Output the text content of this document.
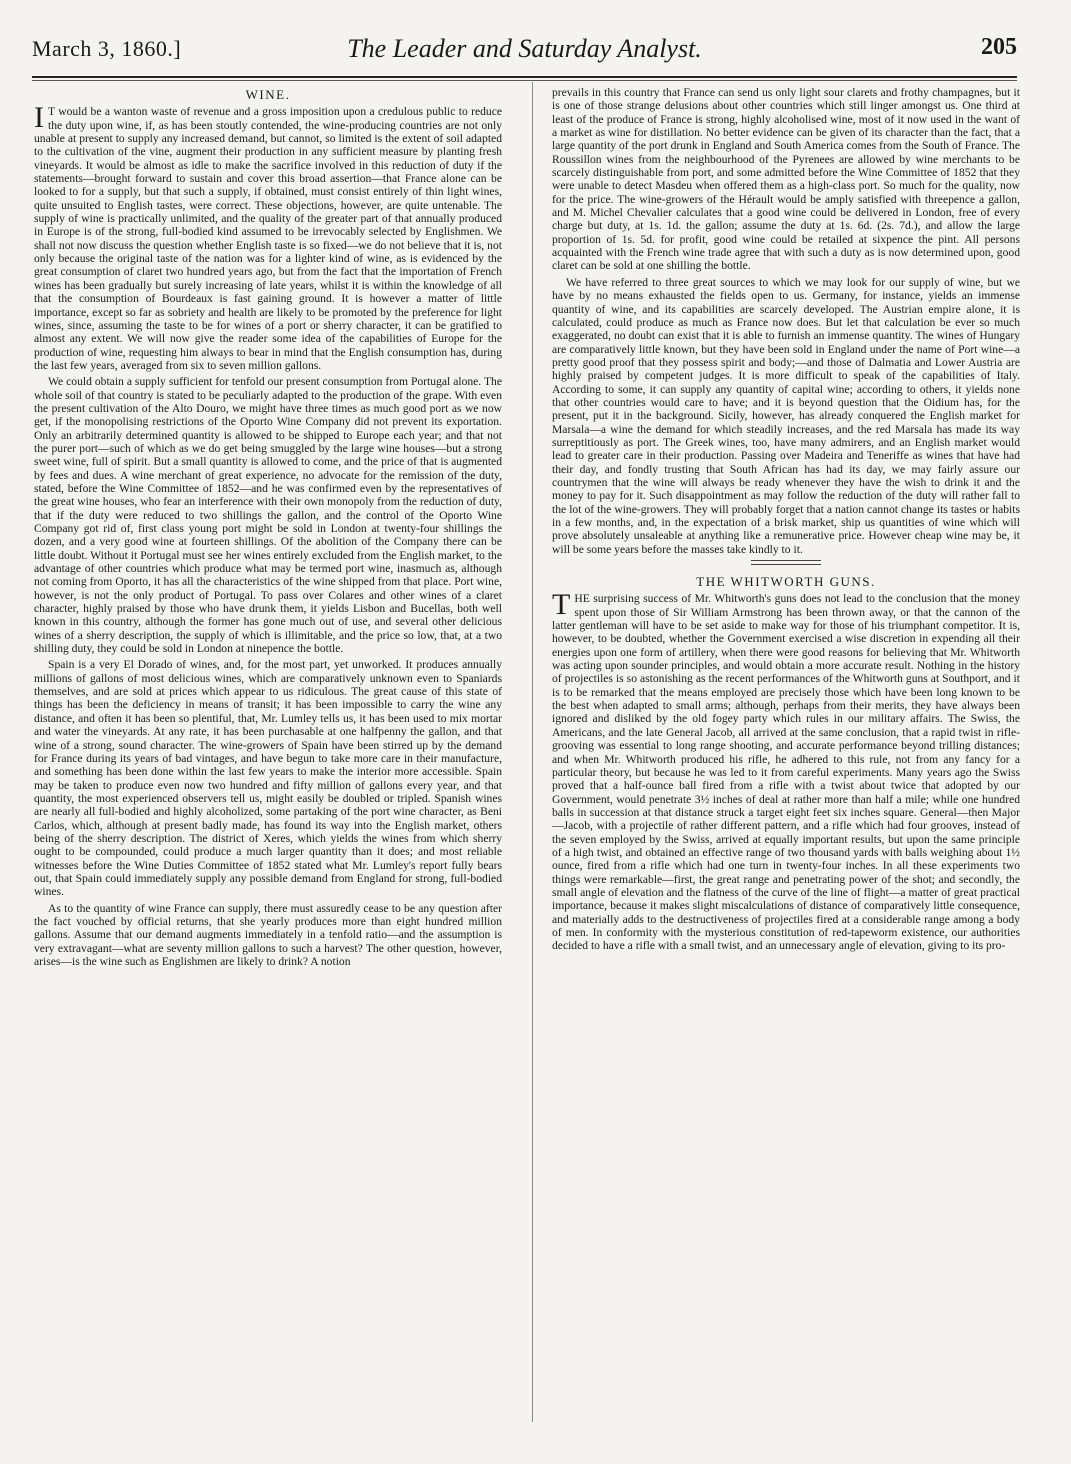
March 3, 1860.]	The Leader and Saturday Analyst.	205
WINE.

I T would be a wanton waste of revenue and a gross imposition upon a credulous public to reduce the duty upon wine, if, as has been stoutly contended, the wine-producing countries are not only unable at present to supply any increased demand, but cannot, so limited is the extent of soil adapted to the cultivation of the vine, augment their production in any sufficient measure by planting fresh vineyards. It would be almost as idle to make the sacrifice involved in this reduction of duty if the statements—brought forward to sustain and cover this broad assertion—that France alone can be looked to for a supply, but that such a supply, if obtained, must consist entirely of thin light wines, quite unsuited to English tastes, were correct. These objections, however, are quite untenable. The supply of wine is practically unlimited, and the quality of the greater part of that annually produced in Europe is of the strong, full-bodied kind assumed to be irrevocably selected by Englishmen. We shall not now discuss the question whether English taste is so fixed—we do not believe that it is, not only because the original taste of the nation was for a lighter kind of wine, as is evidenced by the great consumption of claret two hundred years ago, but from the fact that the importation of French wines has been gradually but surely increasing of late years, whilst it is within the knowledge of all that the consumption of Bourdeaux is fast gaining ground. It is however a matter of little importance, except so far as sobriety and health are likely to be promoted by the preference for light wines, since, assuming the taste to be for wines of a port or sherry character, it can be gratified to almost any extent. We will now give the reader some idea of the capabilities of Europe for the production of wine, requesting him always to bear in mind that the English consumption has, during the last few years, averaged from six to seven million gallons.

We could obtain a supply sufficient for tenfold our present consumption from Portugal alone. The whole soil of that country is stated to be peculiarly adapted to the production of the grape. With even the present cultivation of the Alto Douro, we might have three times as much good port as we now get, if the monopolising restrictions of the Oporto Wine Company did not prevent its exportation. Only an arbitrarily determined quantity is allowed to be shipped to Europe each year; and that not the purer port—such of which as we do get being smuggled by the large wine houses—but a strong sweet wine, full of spirit. But a small quantity is allowed to come, and the price of that is augmented by fees and dues. A wine merchant of great experience, no advocate for the remission of the duty, stated, before the Wine Committee of 1852—and he was confirmed even by the representatives of the great wine houses, who fear an interference with their own monopoly from the reduction of duty, that if the duty were reduced to two shillings the gallon, and the control of the Oporto Wine Company got rid of, first class young port might be sold in London at twenty-four shillings the dozen, and a very good wine at fourteen shillings. Of the abolition of the Company there can be little doubt. Without it Portugal must see her wines entirely excluded from the English market, to the advantage of other countries which produce what may be termed port wine, inasmuch as, although not coming from Oporto, it has all the characteristics of the wine shipped from that place. Port wine, however, is not the only product of Portugal. To pass over Colares and other wines of a claret character, highly praised by those who have drunk them, it yields Lisbon and Bucellas, both well known in this country, although the former has gone much out of use, and several other delicious wines of a sherry description, the supply of which is illimitable, and the price so low, that, at a two shilling duty, they could be sold in London at ninepence the bottle.

Spain is a very El Dorado of wines, and, for the most part, yet unworked. It produces annually millions of gallons of most delicious wines, which are comparatively unknown even to Spaniards themselves, and are sold at prices which appear to us ridiculous. The great cause of this state of things has been the deficiency in means of transit; it has been impossible to carry the wine any distance, and often it has been so plentiful, that, Mr. Lumley tells us, it has been used to mix mortar and water the vineyards. At any rate, it has been purchasable at one halfpenny the gallon, and that wine of a strong, sound character. The wine-growers of Spain have been stirred up by the demand for France during its years of bad vintages, and have begun to take more care in their manufacture, and something has been done within the last few years to make the interior more accessible. Spain may be taken to produce even now two hundred and fifty million of gallons every year, and that quantity, the most experienced observers tell us, might easily be doubled or tripled. Spanish wines are nearly all full-bodied and highly alcoholized, some partaking of the port wine character, as Beni Carlos, which, although at present badly made, has found its way into the English market, others being of the sherry description. The district of Xeres, which yields the wines from which sherry ought to be compounded, could produce a much larger quantity than it does; and most reliable witnesses before the Wine Duties Committee of 1852 stated what Mr. Lumley's report fully bears out, that Spain could immediately supply any possible demand from England for strong, full-bodied wines.

As to the quantity of wine France can supply, there must assuredly cease to be any question after the fact vouched by official returns, that she yearly produces more than eight hundred million gallons. Assume that our demand augments immediately in a tenfold ratio—and the assumption is very extravagant—what are seventy million gallons to such a harvest? The other question, however, arises—is the wine such as Englishmen are likely to drink? A notion

prevails in this country that France can send us only light sour clarets and frothy champagnes, but it is one of those strange delusions about other countries which still linger amongst us. One third at least of the produce of France is strong, highly alcoholised wine, most of it now used in the want of a market as wine for distillation. No better evidence can be given of its character than the fact, that a large quantity of the port drunk in England and South America comes from the South of France. The Roussillon wines from the neighbourhood of the Pyrenees are allowed by wine merchants to be scarcely distinguishable from port, and some admitted before the Wine Committee of 1852 that they were unable to detect Masdeu when offered them as a high-class port. So much for the quality, now for the price. The wine-growers of the Hérault would be amply satisfied with threepence a gallon, and M. Michel Chevalier calculates that a good wine could be delivered in London, free of every charge but duty, at 1s. 1d. the gallon; assume the duty at 1s. 6d. (2s. 7d.), and allow the large proportion of 1s. 5d. for profit, good wine could be retailed at sixpence the pint. All persons acquainted with the French wine trade agree that with such a duty as is now determined upon, good claret can be sold at one shilling the bottle.

We have referred to three great sources to which we may look for our supply of wine, but we have by no means exhausted the fields open to us. Germany, for instance, yields an immense quantity of wine, and its capabilities are scarcely developed. The Austrian empire alone, it is calculated, could produce as much as France now does. But let that calculation be ever so much exaggerated, no doubt can exist that it is able to furnish an immense quantity. The wines of Hungary are comparatively little known, but they have been sold in England under the name of Port wine—a pretty good proof that they possess spirit and body;—and those of Dalmatia and Lower Austria are highly praised by competent judges. It is more difficult to speak of the capabilities of Italy. According to some, it can supply any quantity of capital wine; according to others, it yields none that other countries would care to have; and it is beyond question that the Oidium has, for the present, put it in the background. Sicily, however, has already conquered the English market for Marsala—a wine the demand for which steadily increases, and the red Marsala has made its way surreptitiously as port. The Greek wines, too, have many admirers, and an English market would lead to greater care in their production. Passing over Madeira and Teneriffe as wines that have had their day, and fondly trusting that South African has had its day, we may fairly assure our countrymen that the wine will always be ready whenever they have the wish to drink it and the money to pay for it. Such disappointment as may follow the reduction of the duty will rather fall to the lot of the wine-growers. They will probably forget that a nation cannot change its tastes or habits in a few months, and, in the expectation of a brisk market, ship us quantities of wine which will prove absolutely unsaleable at anything like a remunerative price. However cheap wine may be, it will be some years before the masses take kindly to it.

THE WHITWORTH GUNS.

THE surprising success of Mr. Whitworth's guns does not lead to the conclusion that the money spent upon those of Sir William Armstrong has been thrown away, or that the cannon of the latter gentleman will have to be set aside to make way for those of his triumphant competitor. It is, however, to be doubted, whether the Government exercised a wise discretion in expending all their energies upon one form of artillery, when there were good reasons for believing that Mr. Whitworth was acting upon sounder principles, and would obtain a more accurate result. Nothing in the history of projectiles is so astonishing as the recent performances of the Whitworth guns at Southport, and it is to be remarked that the means employed are precisely those which have been long known to be the best when adapted to small arms; although, perhaps from their merits, they have always been ignored and disliked by the old fogey party which rules in our military affairs. The Swiss, the Americans, and the late General Jacob, all arrived at the same conclusion, that a rapid twist in rifle-grooving was essential to long range shooting, and accurate performance beyond trilling distances; and when Mr. Whitworth produced his rifle, he adhered to this rule, not from any fancy for a particular theory, but because he was led to it from careful experiments. Many years ago the Swiss proved that a half-ounce ball fired from a rifle with a twist about twice that adopted by our Government, would penetrate 3½ inches of deal at rather more than half a mile; while one hundred balls in succession at that distance struck a target eight feet six inches square. General—then Major—Jacob, with a projectile of rather different pattern, and a rifle which had four grooves, instead of the seven employed by the Swiss, arrived at equally important results, but upon the same principle of a high twist, and obtained an effective range of two thousand yards with balls weighing about 1½ ounce, fired from a rifle which had one turn in twenty-four inches. In all these experiments two things were remarkable—first, the great range and penetrating power of the shot; and secondly, the small angle of elevation and the flatness of the curve of the line of flight—a matter of great practical importance, because it makes slight miscalculations of distance of comparatively little consequence, and materially adds to the destructiveness of projectiles fired at a considerable range among a body of men. In conformity with the mysterious constitution of red-tapeworm existence, our authorities decided to have a rifle with a small twist, and an unnecessary angle of elevation, giving to its pro-
